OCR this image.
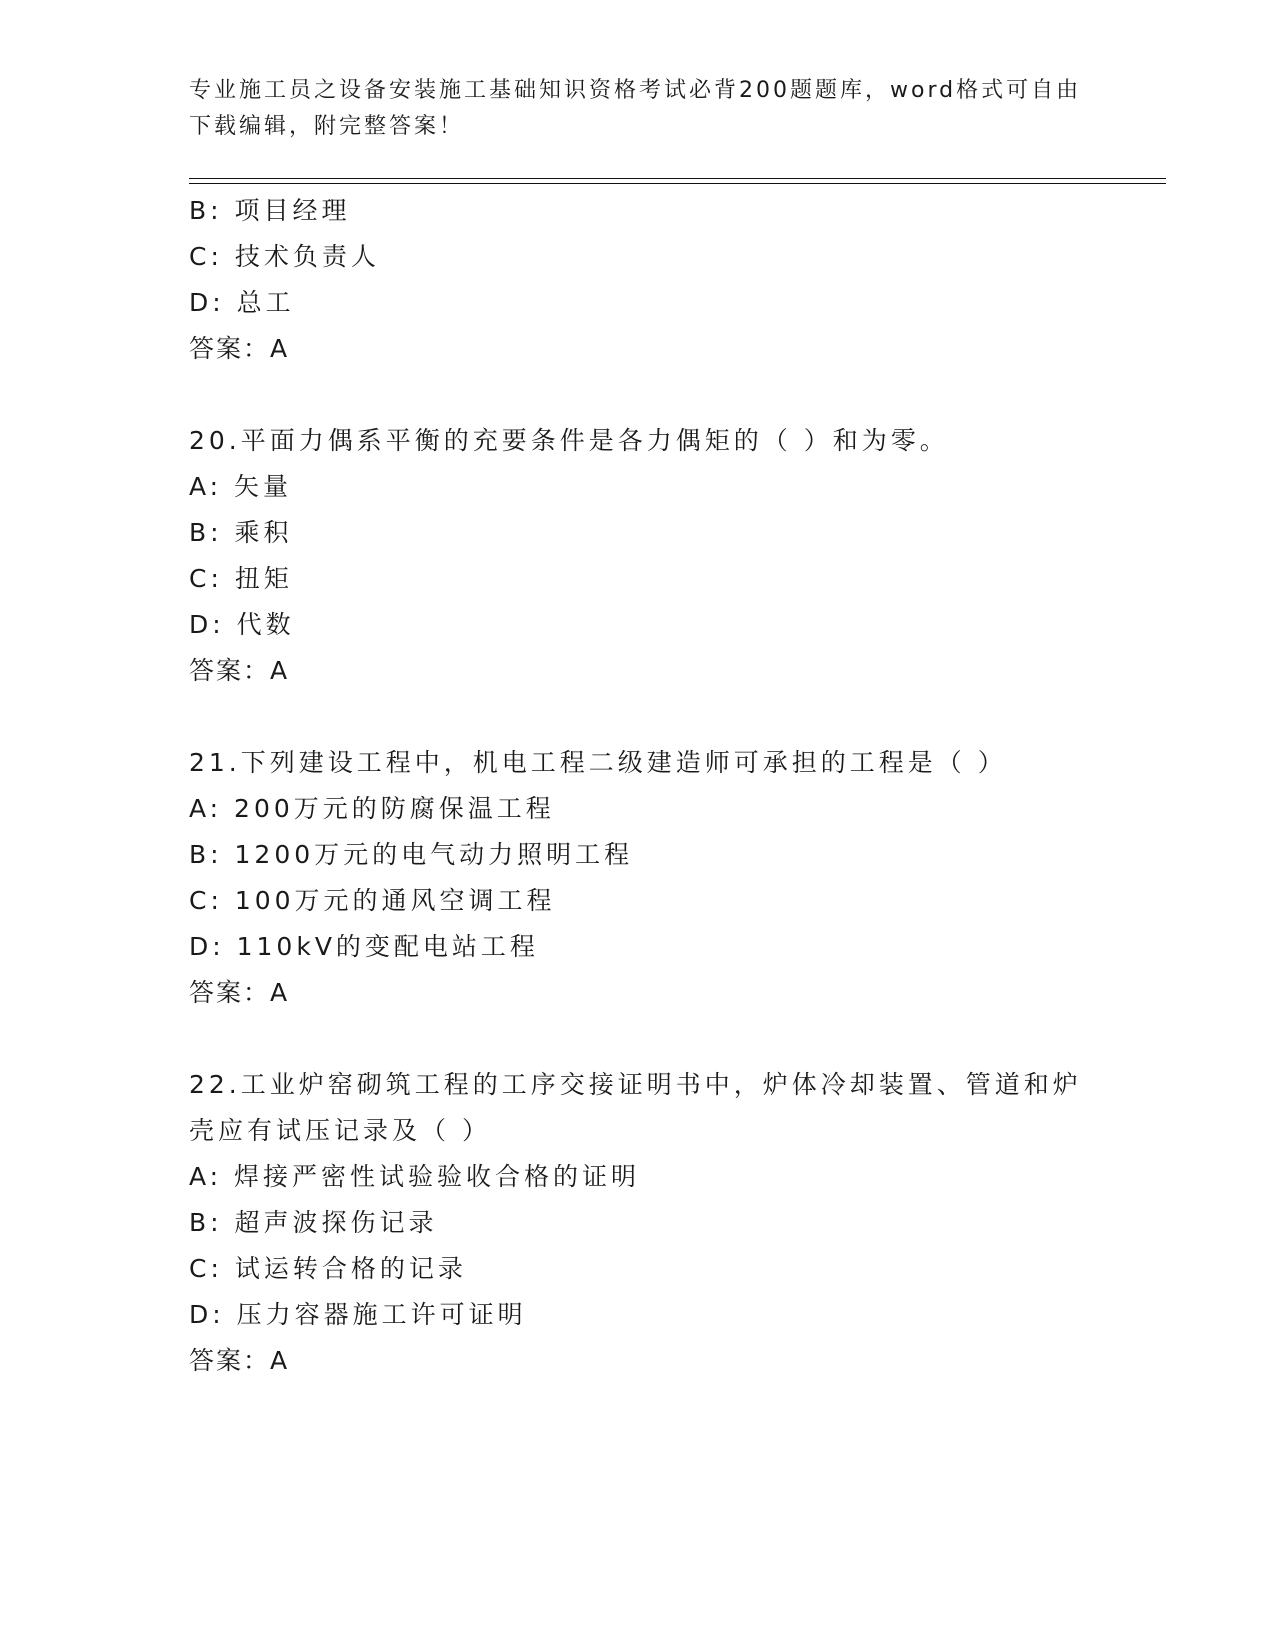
专业施工员之设备安装施工基础知识资格考试必背200题题库，word格式可自由
下载编辑，附完整答案！
B: 项目经理
C: 技术负责人
D: 总工
答案：A
20.平面力偶系平衡的充要条件是各力偶矩的（ ）和为零。
A: 矢量
B: 乘积
C: 扭矩
D: 代数
答案：A
21.下列建设工程中，机电工程二级建造师可承担的工程是（ ）
A: 200万元的防腐保温工程
B: 1200万元的电气动力照明工程
C: 100万元的通风空调工程
D: 110kV的变配电站工程
答案：A
22.工业炉窑砌筑工程的工序交接证明书中，炉体冷却装置、管道和炉
壳应有试压记录及（ ）
A: 焊接严密性试验验收合格的证明
B: 超声波探伤记录
C: 试运转合格的记录
D: 压力容器施工许可证明
答案：A
